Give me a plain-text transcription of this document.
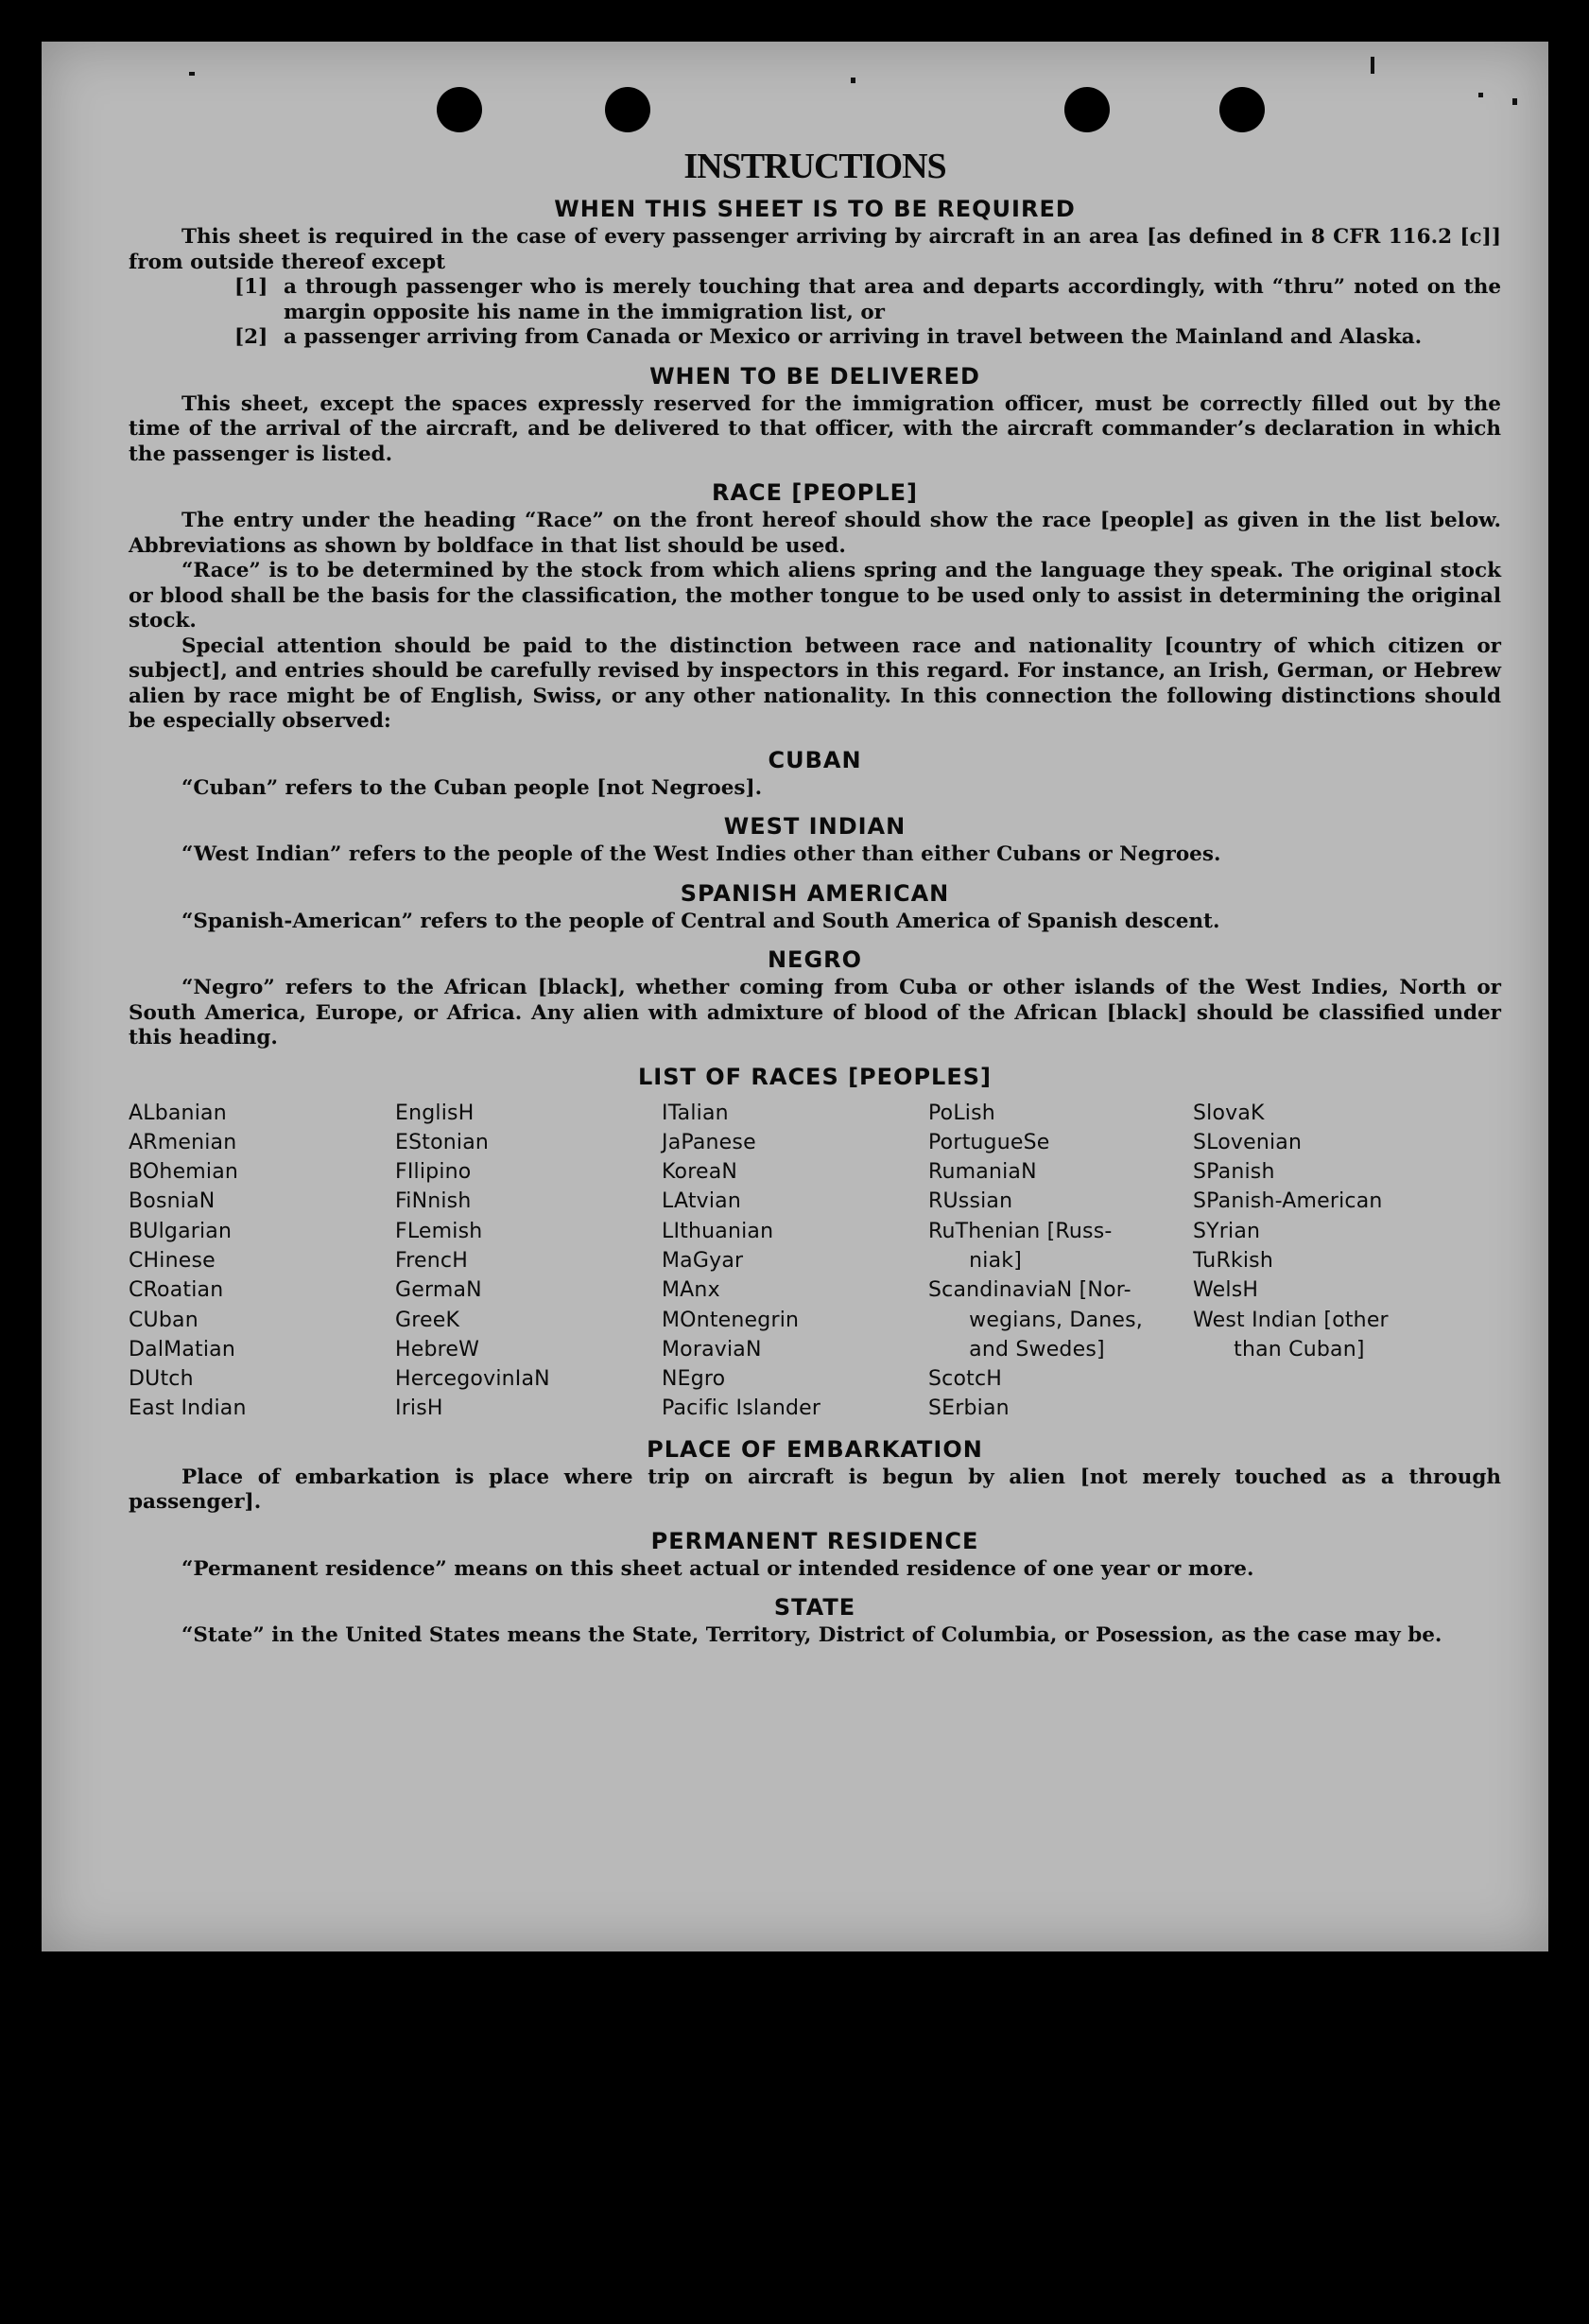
INSTRUCTIONS
WHEN THIS SHEET IS TO BE REQUIRED

This sheet is required in the case of every passenger arriving by aircraft in an area [as defined in 8 CFR 116.2 [c]] from outside thereof except

[1] a through passenger who is merely touching that area and departs accordingly, with “thru” noted on the margin opposite his name in the immigration list, or

[2] a passenger arriving from Canada or Mexico or arriving in travel between the Mainland and Alaska.

WHEN TO BE DELIVERED

This sheet, except the spaces expressly reserved for the immigration officer, must be correctly filled out by the time of the arrival of the aircraft, and be delivered to that officer, with the aircraft commander’s declaration in which the passenger is listed.

RACE [PEOPLE]

The entry under the heading “Race” on the front hereof should show the race [people] as given in the list below. Abbreviations as shown by boldface in that list should be used.

“Race” is to be determined by the stock from which aliens spring and the language they speak. The original stock or blood shall be the basis for the classification, the mother tongue to be used only to assist in determining the original stock.

Special attention should be paid to the distinction between race and nationality [country of which citizen or subject], and entries should be carefully revised by inspectors in this regard. For instance, an Irish, German, or Hebrew alien by race might be of English, Swiss, or any other nationality. In this connection the following distinctions should be especially observed:

CUBAN

“Cuban” refers to the Cuban people [not Negroes].

WEST INDIAN

“West Indian” refers to the people of the West Indies other than either Cubans or Negroes.

SPANISH AMERICAN

“Spanish-American” refers to the people of Central and South America of Spanish descent.

NEGRO

“Negro” refers to the African [black], whether coming from Cuba or other islands of the West Indies, North or South America, Europe, or Africa. Any alien with admixture of blood of the African [black] should be classified under this heading.

LIST OF RACES [PEOPLES]
ALbanian
ARmenian
BOhemian
BosniaN
BUlgarian
CHinese
CRoatian
CUban
DalMatian
DUtch
East Indian
EnglisH
EStonian
FIlipino
FiNnish
FLemish
FrencH
GermaN
GreeK
HebreW
HercegovinIaN
IrisH
ITalian
JaPanese
KoreaN
LAtvian
LIthuanian
MaGyar
MAnx
MOntenegrin
MoraviaN
NEgro
Pacific Islander
PoLish
PortugueSe
RumaniaN
RUssian
RuThenian [Russ-
niak]
ScandinaviaN [Nor-
wegians, Danes,
and Swedes]
ScotcH
SErbian
SlovaK
SLovenian
SPanish
SPanish-American
SYrian
TuRkish
WelsH
West Indian [other
than Cuban]
PLACE OF EMBARKATION

Place of embarkation is place where trip on aircraft is begun by alien [not merely touched as a through passenger].

PERMANENT RESIDENCE

“Permanent residence” means on this sheet actual or intended residence of one year or more.

STATE

“State” in the United States means the State, Territory, District of Columbia, or Posession, as the case may be.
